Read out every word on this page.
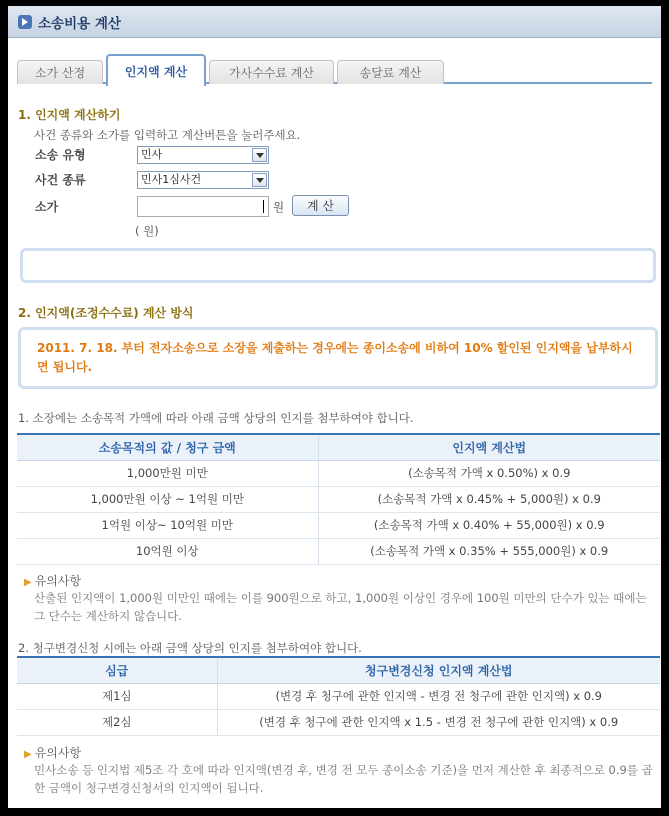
소송비용 계산
소가 산정	인지액 계산	가사수수료 계산	송달료 계산
1. 인지액 계산하기
사건 종류와 소가를 입력하고 계산버튼을 눌러주세요.
소송 유형	민사
사건 종류	민사1심사건
소가	원	계 산
( 원)
2. 인지액(조정수수료) 계산 방식
2011. 7. 18. 부터 전자소송으로 소장을 제출하는 경우에는 종이소송에 비하여 10% 할인된 인지액을 납부하시면 됩니다.
1. 소장에는 소송목적 가액에 따라 아래 금액 상당의 인지를 첨부하여야 합니다.
소송목적의 값 / 청구 금액	인지액 계산법
1,000만원 미만	(소송목적 가액 x 0.50%) x 0.9
1,000만원 이상 ~ 1억원 미만	(소송목적 가액 x 0.45% + 5,000원) x 0.9
1억원 이상~ 10억원 미만	(소송목적 가액 x 0.40% + 55,000원) x 0.9
10억원 이상	(소송목적 가액 x 0.35% + 555,000원) x 0.9
▶ 유의사항
산출된 인지액이 1,000원 미만인 때에는 이를 900원으로 하고, 1,000원 이상인 경우에 100원 미만의 단수가 있는 때에는 그 단수는 계산하지 않습니다.
2. 청구변경신청 시에는 아래 금액 상당의 인지를 첨부하여야 합니다.
심급	청구변경신청 인지액 계산법
제1심	(변경 후 청구에 관한 인지액 - 변경 전 청구에 관한 인지액) x 0.9
제2심	(변경 후 청구에 관한 인지액 x 1.5 - 변경 전 청구에 관한 인지액) x 0.9
▶ 유의사항
민사소송 등 인지법 제5조 각 호에 따라 인지액(변경 후, 변경 전 모두 종이소송 기준)을 먼저 계산한 후 최종적으로 0.9를 곱한 금액이 청구변경신청서의 인지액이 됩니다.
